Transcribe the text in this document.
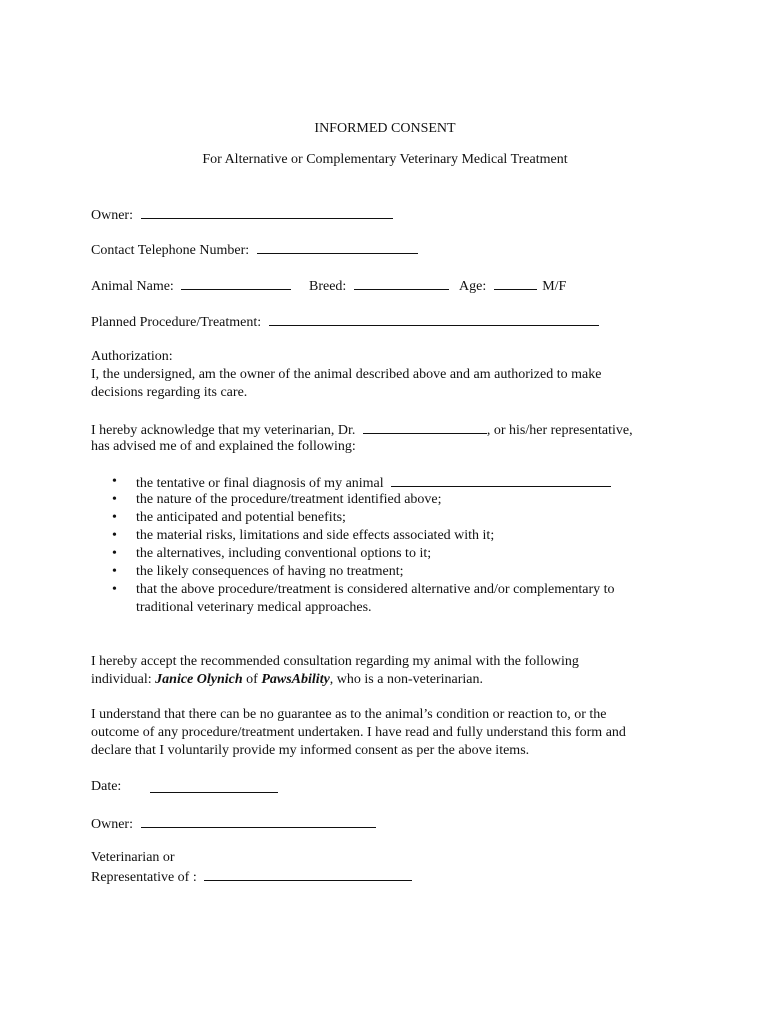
INFORMED CONSENT
For Alternative or Complementary Veterinary Medical Treatment
Owner:
Contact Telephone Number:
Animal Name:	Breed:	Age:	M/F
Planned Procedure/Treatment:
Authorization:
I, the undersigned, am the owner of the animal described above and am authorized to make
decisions regarding its care.
I hereby acknowledge that my veterinarian, Dr.	, or his/her representative,
has advised me of and explained the following:
• the tentative or final diagnosis of my animal
• the nature of the procedure/treatment identified above;
• the anticipated and potential benefits;
• the material risks, limitations and side effects associated with it;
• the alternatives, including conventional options to it;
• the likely consequences of having no treatment;
• that the above procedure/treatment is considered alternative and/or complementary to
traditional veterinary medical approaches.
I hereby accept the recommended consultation regarding my animal with the following
individual: Janice Olynich of PawsAbility, who is a non-veterinarian.
I understand that there can be no guarantee as to the animal’s condition or reaction to, or the
outcome of any procedure/treatment undertaken. I have read and fully understand this form and
declare that I voluntarily provide my informed consent as per the above items.
Date:
Owner:
Veterinarian or
Representative of :
